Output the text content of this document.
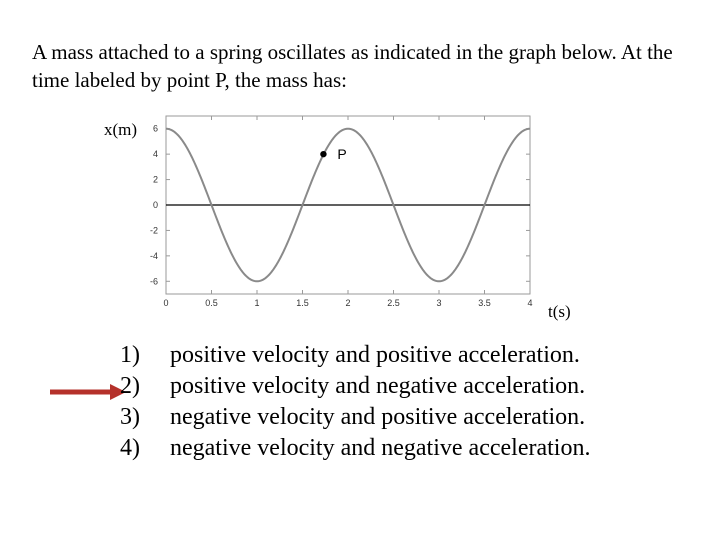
A mass attached to a spring oscillates as indicated in the graph below. At the time labeled by point P, the mass has:

x(m)
t(s)
-6
-4
-2
0
2
4
6
0	0.5	1	1.5	2	2.5	3	3.5	4
P
1)	positive velocity and positive acceleration.
2)	positive velocity and negative acceleration.
3)	negative velocity and positive acceleration.
4)	negative velocity and negative acceleration.
